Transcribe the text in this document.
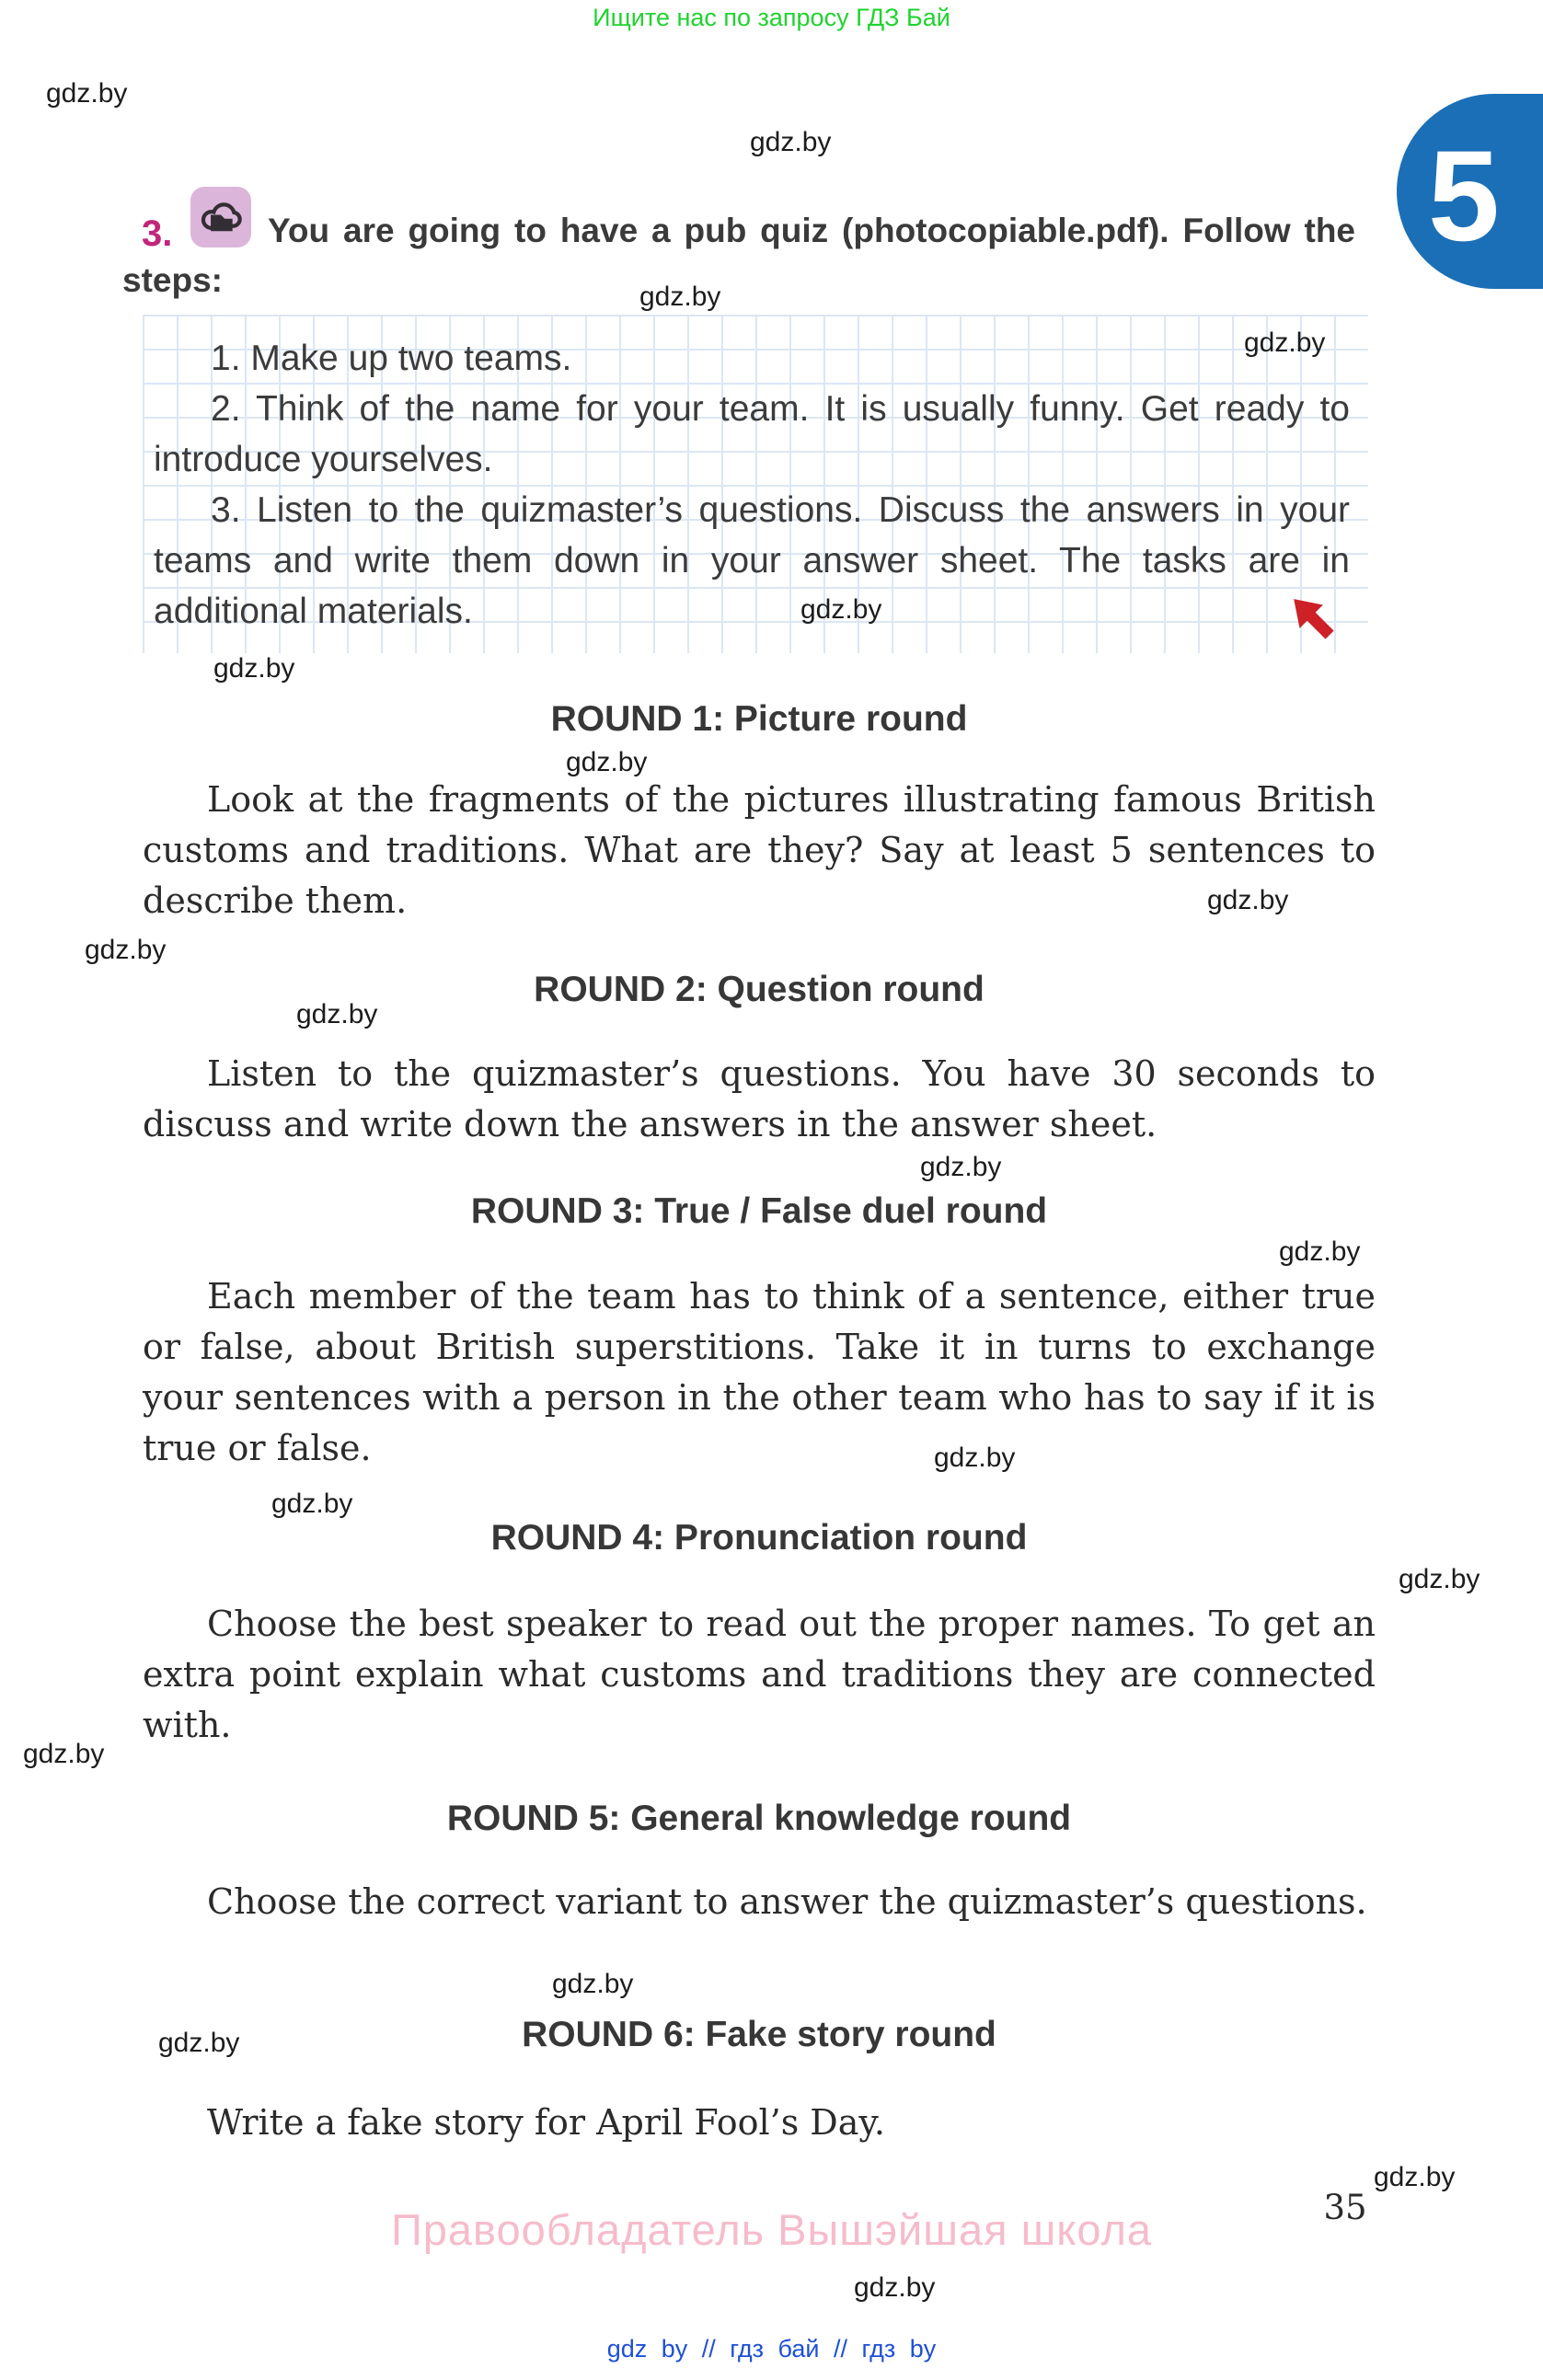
Ищите нас по запросу ГДЗ Бай
5
3.	You are going to have a pub quiz (photocopiable.pdf). Follow the steps:

1. Make up two teams.

2. Think of the name for your team. It is usually funny. Get ready to introduce yourselves.

3. Listen to the quizmaster’s questions. Discuss the answers in your teams and write them down in your answer sheet. The tasks are in additional materials.

ROUND 1: Picture round
Look at the fragments of the pictures illustrating famous British customs and traditions. What are they? Say at least 5 sentences to describe them.
ROUND 2: Question round
Listen to the quizmaster’s questions. You have 30 seconds to discuss and write down the answers in the answer sheet.
ROUND 3: True / False duel round
Each member of the team has to think of a sentence, either true or false, about British superstitions. Take it in turns to exchange your sentences with a person in the other team who has to say if it is true or false.
ROUND 4: Pronunciation round
Choose the best speaker to read out the proper names. To get an extra point explain what customs and traditions they are connected with.
ROUND 5: General knowledge round
Choose the correct variant to answer the quizmaster’s questions.
ROUND 6: Fake story round
Write a fake story for April Fool’s Day.
Правообладатель Вышэйшая школа	35
gdz by // гдз бай // гдз by
gdz.by
gdz.by
gdz.by
gdz.by
gdz.by
gdz.by
gdz.by
gdz.by
gdz.by
gdz.by
gdz.by
gdz.by
gdz.by
gdz.by
gdz.by
gdz.by
gdz.by
gdz.by
gdz.by
gdz.by
